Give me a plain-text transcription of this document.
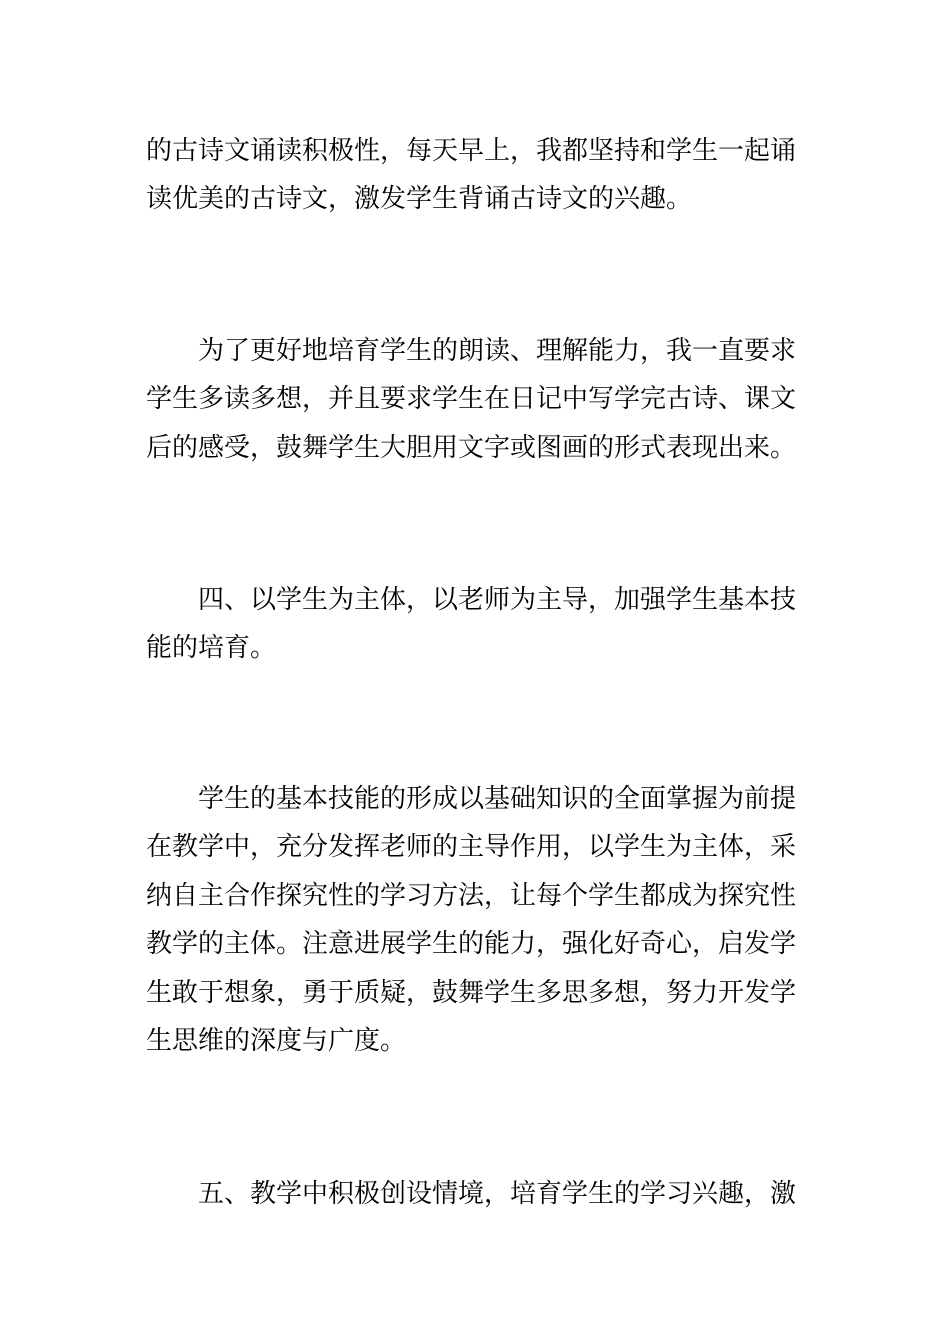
的古诗文诵读积极性，每天早上，我都坚持和学生一起诵
读优美的古诗文，激发学生背诵古诗文的兴趣。
为了更好地培育学生的朗读、理解能力，我一直要求
学生多读多想，并且要求学生在日记中写学完古诗、课文
后的感受，鼓舞学生大胆用文字或图画的形式表现出来。
四、以学生为主体，以老师为主导，加强学生基本技
能的培育。
学生的基本技能的形成以基础知识的全面掌握为前提
在教学中，充分发挥老师的主导作用，以学生为主体，采
纳自主合作探究性的学习方法，让每个学生都成为探究性
教学的主体。注意进展学生的能力，强化好奇心，启发学
生敢于想象，勇于质疑，鼓舞学生多思多想，努力开发学
生思维的深度与广度。
五、教学中积极创设情境，培育学生的学习兴趣，激
